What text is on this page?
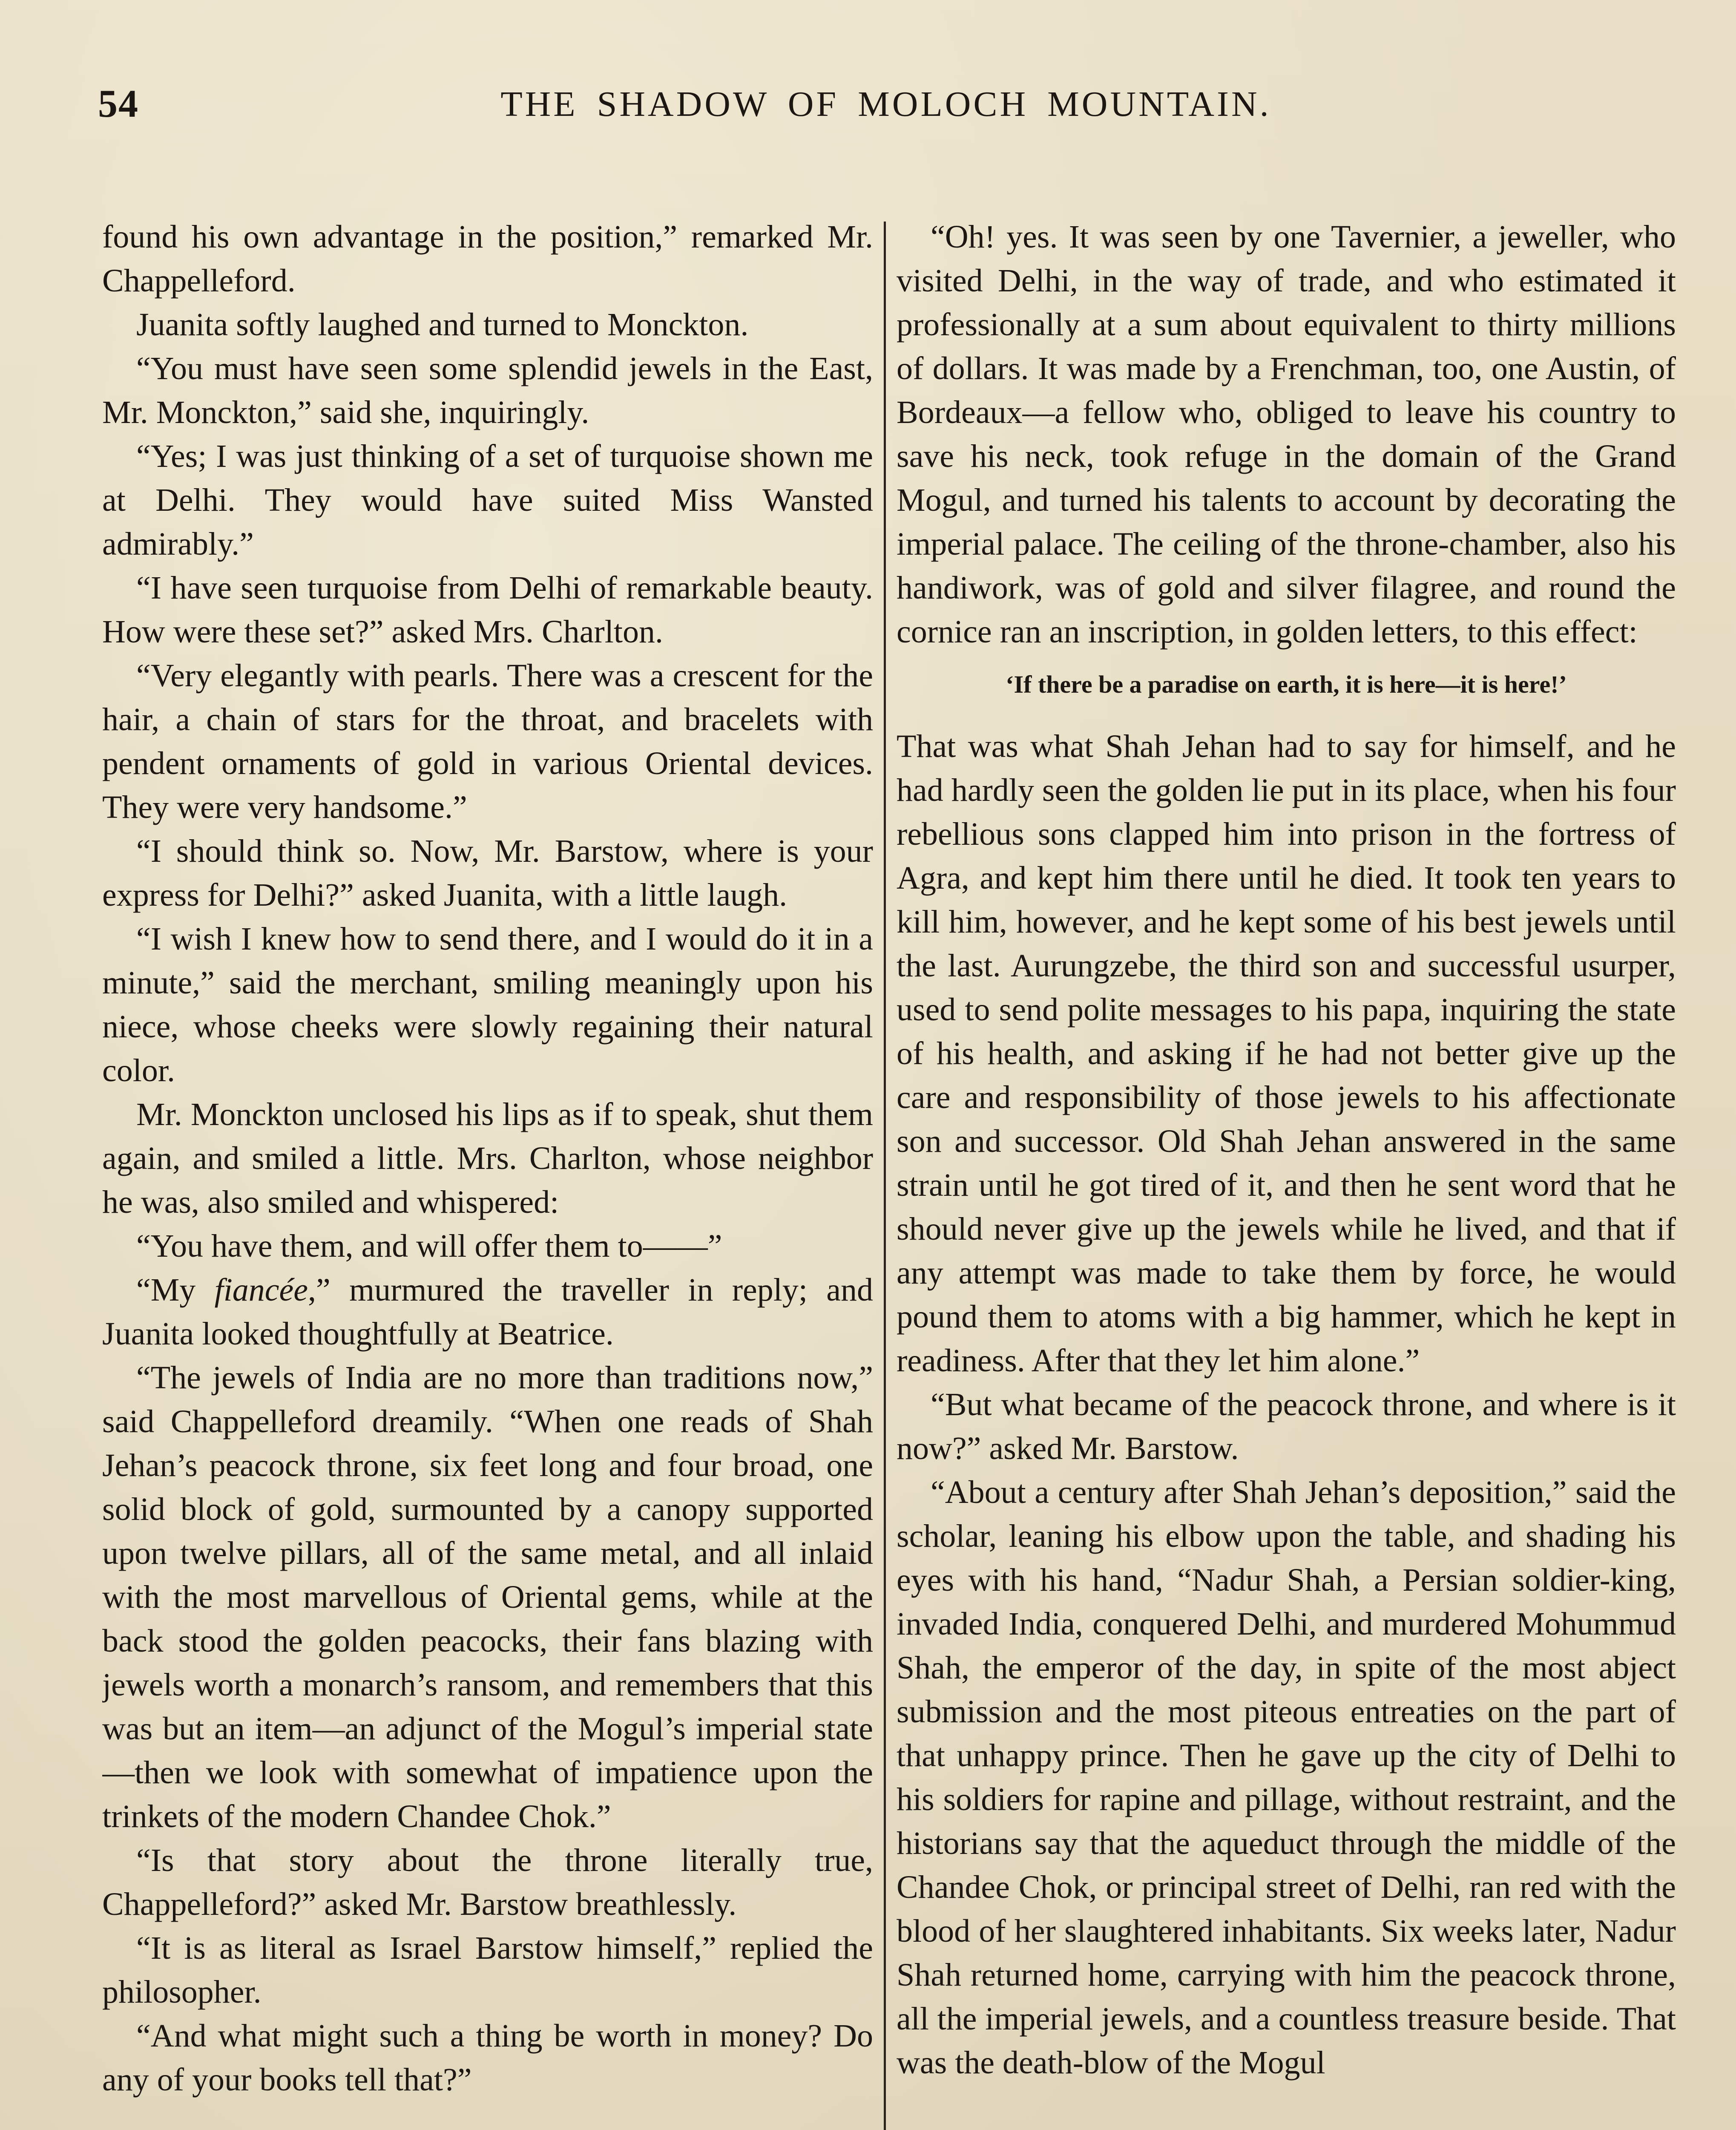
54	THE SHADOW OF MOLOCH MOUNTAIN.

found his own advantage in the position,” remarked Mr. Chappelleford.

Juanita softly laughed and turned to Monckton.

“You must have seen some splendid jewels in the East, Mr. Monckton,” said she, inquiringly.

“Yes; I was just thinking of a set of turquoise shown me at Delhi. They would have suited Miss Wansted admirably.”

“I have seen turquoise from Delhi of remarkable beauty. How were these set?” asked Mrs. Charlton.

“Very elegantly with pearls. There was a crescent for the hair, a chain of stars for the throat, and bracelets with pendent ornaments of gold in various Oriental devices. They were very handsome.”

“I should think so. Now, Mr. Barstow, where is your express for Delhi?” asked Juanita, with a little laugh.

“I wish I knew how to send there, and I would do it in a minute,” said the merchant, smiling meaningly upon his niece, whose cheeks were slowly regaining their natural color.

Mr. Monckton unclosed his lips as if to speak, shut them again, and smiled a little. Mrs. Charlton, whose neighbor he was, also smiled and whispered:

“You have them, and will offer them to——”

“My fiancée,” murmured the traveller in reply; and Juanita looked thoughtfully at Beatrice.

“The jewels of India are no more than traditions now,” said Chappelleford dreamily. “When one reads of Shah Jehan’s peacock throne, six feet long and four broad, one solid block of gold, surmounted by a canopy supported upon twelve pillars, all of the same metal, and all inlaid with the most marvellous of Oriental gems, while at the back stood the golden peacocks, their fans blazing with jewels worth a monarch’s ransom, and remembers that this was but an item—an adjunct of the Mogul’s imperial state—then we look with somewhat of impatience upon the trinkets of the modern Chandee Chok.”

“Is that story about the throne literally true, Chappelleford?” asked Mr. Barstow breathlessly.

“It is as literal as Israel Barstow himself,” replied the philosopher.

“And what might such a thing be worth in money? Do any of your books tell that?”

“Oh! yes. It was seen by one Tavernier, a jeweller, who visited Delhi, in the way of trade, and who estimated it professionally at a sum about equivalent to thirty millions of dollars. It was made by a Frenchman, too, one Austin, of Bordeaux—a fellow who, obliged to leave his country to save his neck, took refuge in the domain of the Grand Mogul, and turned his talents to account by decorating the imperial palace. The ceiling of the throne-chamber, also his handiwork, was of gold and silver filagree, and round the cornice ran an inscription, in golden letters, to this effect:

‘If there be a paradise on earth, it is here—it is here!’

That was what Shah Jehan had to say for himself, and he had hardly seen the golden lie put in its place, when his four rebellious sons clapped him into prison in the fortress of Agra, and kept him there until he died. It took ten years to kill him, however, and he kept some of his best jewels until the last. Aurungzebe, the third son and successful usurper, used to send polite messages to his papa, inquiring the state of his health, and asking if he had not better give up the care and responsibility of those jewels to his affectionate son and successor. Old Shah Jehan answered in the same strain until he got tired of it, and then he sent word that he should never give up the jewels while he lived, and that if any attempt was made to take them by force, he would pound them to atoms with a big hammer, which he kept in readiness. After that they let him alone.”

“But what became of the peacock throne, and where is it now?” asked Mr. Barstow.

“About a century after Shah Jehan’s deposition,” said the scholar, leaning his elbow upon the table, and shading his eyes with his hand, “Nadur Shah, a Persian soldier-king, invaded India, conquered Delhi, and murdered Mohummud Shah, the emperor of the day, in spite of the most abject submission and the most piteous entreaties on the part of that unhappy prince. Then he gave up the city of Delhi to his soldiers for rapine and pillage, without restraint, and the historians say that the aqueduct through the middle of the Chandee Chok, or principal street of Delhi, ran red with the blood of her slaughtered inhabitants. Six weeks later, Nadur Shah returned home, carrying with him the peacock throne, all the imperial jewels, and a countless treasure beside. That was the death-blow of the Mogul
